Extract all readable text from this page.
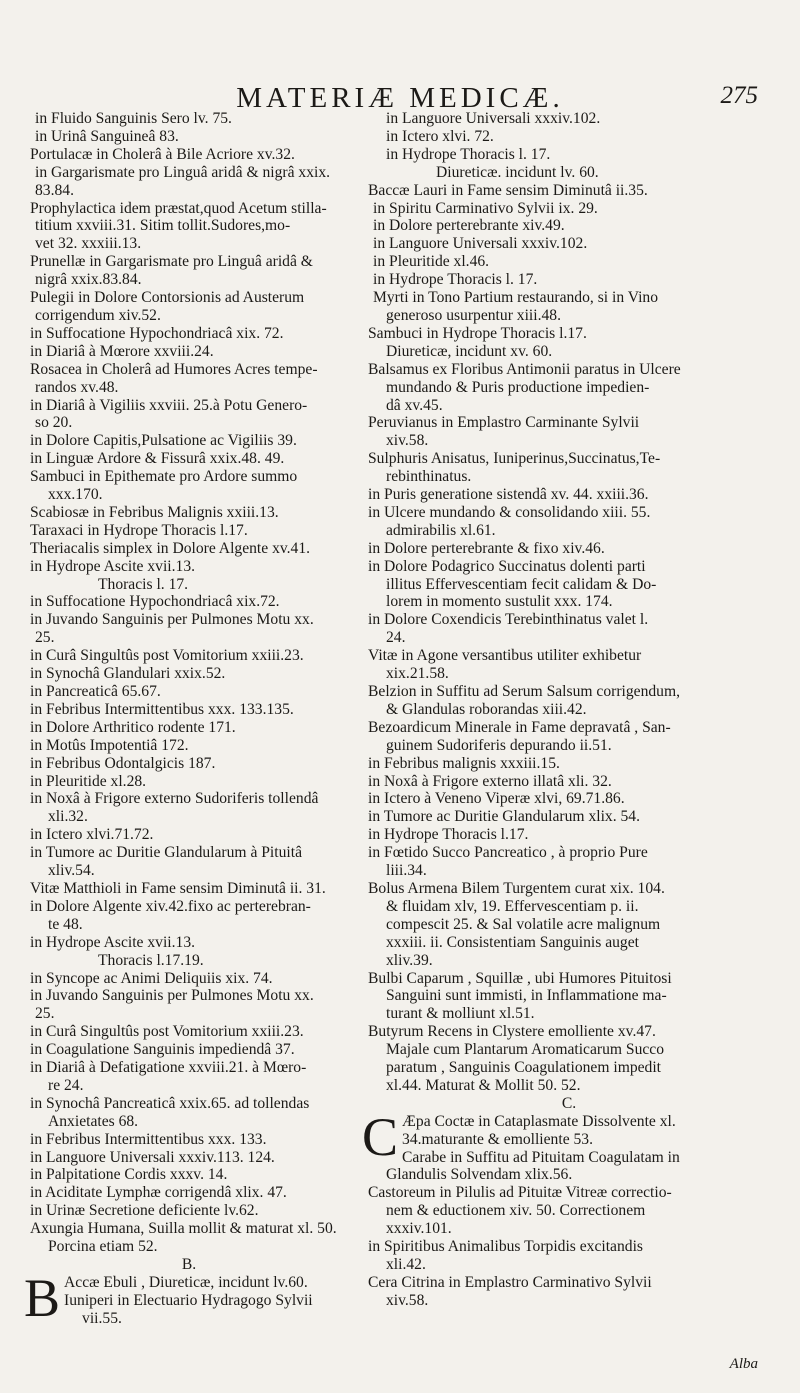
MATERIÆ MEDICÆ.	275
in Fluido Sanguinis Sero lv. 75.
in Urinâ Sanguineâ 83.
Portulacæ in Cholerâ à Bile Acriore xv.32.
in Gargarismate pro Linguâ aridâ & nigrâ xxix.
83.84.
Prophylactica idem præstat,quod Acetum stilla-
titium xxviii.31. Sitim tollit.Sudores,mo-
vet 32. xxxiii.13.
Prunellæ in Gargarismate pro Linguâ aridâ &
nigrâ xxix.83.84.
Pulegii in Dolore Contorsionis ad Austerum
corrigendum xiv.52.
in Suffocatione Hypochondriacâ xix. 72.
in Diariâ à Mœrore xxviii.24.
Rosacea in Cholerâ ad Humores Acres tempe-
randos xv.48.
in Diariâ à Vigiliis xxviii. 25.à Potu Genero-
so 20.
in Dolore Capitis,Pulsatione ac Vigiliis 39.
in Linguæ Ardore & Fissurâ xxix.48. 49.
Sambuci in Epithemate pro Ardore summo
xxx.170.
Scabiosæ in Febribus Malignis xxiii.13.
Taraxaci in Hydrope Thoracis l.17.
Theriacalis simplex in Dolore Algente xv.41.
in Hydrope Ascite xvii.13.
Thoracis l. 17.
in Suffocatione Hypochondriacâ xix.72.
in Juvando Sanguinis per Pulmones Motu xx.
25.
in Curâ Singultûs post Vomitorium xxiii.23.
in Synochâ Glandulari xxix.52.
in Pancreaticâ 65.67.
in Febribus Intermittentibus xxx. 133.135.
in Dolore Arthritico rodente 171.
in Motûs Impotentiâ 172.
in Febribus Odontalgicis 187.
in Pleuritide xl.28.
in Noxâ à Frigore externo Sudoriferis tollendâ
xli.32.
in Ictero xlvi.71.72.
in Tumore ac Duritie Glandularum à Pituitâ
xliv.54.
Vitæ Matthioli in Fame sensim Diminutâ ii. 31.
in Dolore Algente xiv.42.fixo ac perterebran-
te 48.
in Hydrope Ascite xvii.13.
Thoracis l.17.19.
in Syncope ac Animi Deliquiis xix. 74.
in Juvando Sanguinis per Pulmones Motu xx.
25.
in Curâ Singultûs post Vomitorium xxiii.23.
in Coagulatione Sanguinis impediendâ 37.
in Diariâ à Defatigatione xxviii.21. à Mœro-
re 24.
in Synochâ Pancreaticâ xxix.65. ad tollendas
Anxietates 68.
in Febribus Intermittentibus xxx. 133.
in Languore Universali xxxiv.113. 124.
in Palpitatione Cordis xxxv. 14.
in Aciditate Lymphæ corrigendâ xlix. 47.
in Urinæ Secretione deficiente lv.62.
Axungia Humana, Suilla mollit & maturat xl. 50.
Porcina etiam 52.
B.
B Accæ Ebuli , Diureticæ, incidunt lv.60.
Iuniperi in Electuario Hydragogo Sylvii
vii.55.
in Languore Universali xxxiv.102.
in Ictero xlvi. 72.
in Hydrope Thoracis l. 17.
Diureticæ. incidunt lv. 60.
Baccæ Lauri in Fame sensim Diminutâ ii.35.
in Spiritu Carminativo Sylvii ix. 29.
in Dolore perterebrante xiv.49.
in Languore Universali xxxiv.102.
in Pleuritide xl.46.
in Hydrope Thoracis l. 17.
Myrti in Tono Partium restaurando, si in Vino
generoso usurpentur xiii.48.
Sambuci in Hydrope Thoracis l.17.
Diureticæ, incidunt xv. 60.
Balsamus ex Floribus Antimonii paratus in Ulcere
mundando & Puris productione impedien-
dâ xv.45.
Peruvianus in Emplastro Carminante Sylvii
xiv.58.
Sulphuris Anisatus, Iuniperinus,Succinatus,Te-
rebinthinatus.
in Puris generatione sistendâ xv. 44. xxiii.36.
in Ulcere mundando & consolidando xiii. 55.
admirabilis xl.61.
in Dolore perterebrante & fixo xiv.46.
in Dolore Podagrico Succinatus dolenti parti
illitus Effervescentiam fecit calidam & Do-
lorem in momento sustulit xxx. 174.
in Dolore Coxendicis Terebinthinatus valet l.
24.
Vitæ in Agone versantibus utiliter exhibetur
xix.21.58.
Belzion in Suffitu ad Serum Salsum corrigendum,
& Glandulas roborandas xiii.42.
Bezoardicum Minerale in Fame depravatâ , San-
guinem Sudoriferis depurando ii.51.
in Febribus malignis xxxiii.15.
in Noxâ à Frigore externo illatâ xli. 32.
in Ictero à Veneno Viperæ xlvi, 69.71.86.
in Tumore ac Duritie Glandularum xlix. 54.
in Hydrope Thoracis l.17.
in Fœtido Succo Pancreatico , à proprio Pure
liii.34.
Bolus Armena Bilem Turgentem curat xix. 104.
& fluidam xlv, 19. Effervescentiam p. ii.
compescit 25. & Sal volatile acre malignum
xxxiii. ii. Consistentiam Sanguinis auget
xliv.39.
Bulbi Caparum , Squillæ , ubi Humores Pituitosi
Sanguini sunt immisti, in Inflammatione ma-
turant & molliunt xl.51.
Butyrum Recens in Clystere emolliente xv.47.
Majale cum Plantarum Aromaticarum Succo
paratum , Sanguinis Coagulationem impedit
xl.44. Maturat & Mollit 50. 52.
C.
C Æpa Coctæ in Cataplasmate Dissolvente xl.
34.maturante & emolliente 53.
Carabe in Suffitu ad Pituitam Coagulatam in
Glandulis Solvendam xlix.56.
Castoreum in Pilulis ad Pituitæ Vitreæ correctio-
nem & eductionem xiv. 50. Correctionem
xxxiv.101.
in Spiritibus Animalibus Torpidis excitandis
xli.42.
Cera Citrina in Emplastro Carminativo Sylvii
xiv.58.
Alba
